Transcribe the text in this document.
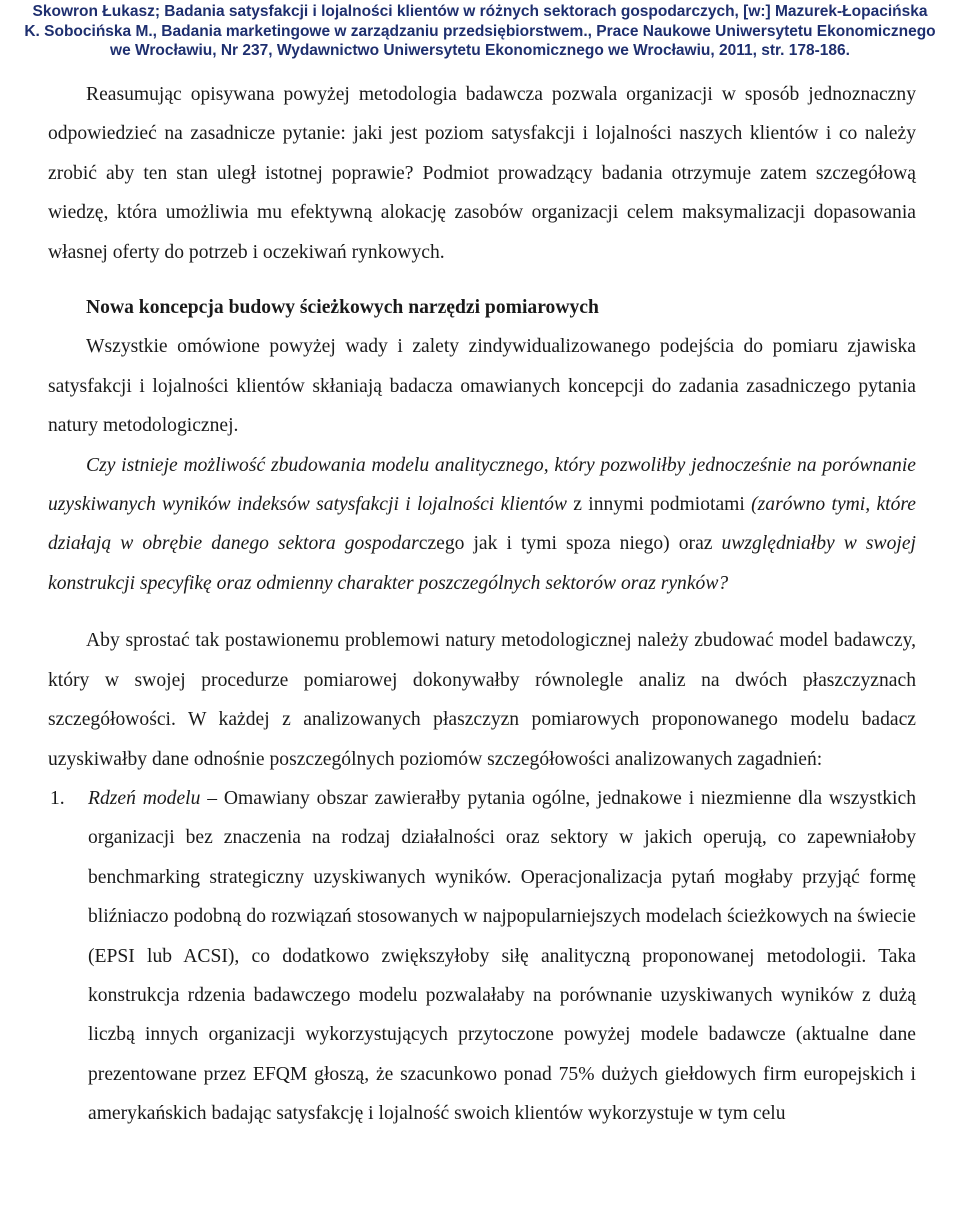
Skowron Łukasz; Badania satysfakcji i lojalności klientów w różnych sektorach gospodarczych, [w:] Mazurek-Łopacińska
K. Sobocińska M., Badania marketingowe w zarządzaniu przedsiębiorstwem., Prace Naukowe Uniwersytetu Ekonomicznego
we Wrocławiu, Nr 237, Wydawnictwo Uniwersytetu Ekonomicznego we Wrocławiu, 2011, str. 178-186.

Reasumując opisywana powyżej metodologia badawcza pozwala organizacji w sposób jednoznaczny odpowiedzieć na zasadnicze pytanie: jaki jest poziom satysfakcji i lojalności naszych klientów i co należy zrobić aby ten stan uległ istotnej poprawie? Podmiot prowadzący badania otrzymuje zatem szczegółową wiedzę, która umożliwia mu efektywną alokację zasobów organizacji celem maksymalizacji dopasowania własnej oferty do potrzeb i oczekiwań rynkowych.

Nowa koncepcja budowy ścieżkowych narzędzi pomiarowych

Wszystkie omówione powyżej wady i zalety zindywidualizowanego podejścia do pomiaru zjawiska satysfakcji i lojalności klientów skłaniają badacza omawianych koncepcji do zadania zasadniczego pytania natury metodologicznej.

Czy istnieje możliwość zbudowania modelu analitycznego, który pozwoliłby jednocześnie na porównanie uzyskiwanych wyników indeksów satysfakcji i lojalności klientów z innymi podmiotami (zarówno tymi, które działają w obrębie danego sektora gospodarczego jak i tymi spoza niego) oraz uwzględniałby w swojej konstrukcji specyfikę oraz odmienny charakter poszczególnych sektorów oraz rynków?

Aby sprostać tak postawionemu problemowi natury metodologicznej należy zbudować model badawczy, który w swojej procedurze pomiarowej dokonywałby równolegle analiz na dwóch płaszczyznach szczegółowości. W każdej z analizowanych płaszczyzn pomiarowych proponowanego modelu badacz uzyskiwałby dane odnośnie poszczególnych poziomów szczegółowości analizowanych zagadnień:

1. Rdzeń modelu – Omawiany obszar zawierałby pytania ogólne, jednakowe i niezmienne dla wszystkich organizacji bez znaczenia na rodzaj działalności oraz sektory w jakich operują, co zapewniałoby benchmarking strategiczny uzyskiwanych wyników. Operacjonalizacja pytań mogłaby przyjąć formę bliźniaczo podobną do rozwiązań stosowanych w najpopularniejszych modelach ścieżkowych na świecie (EPSI lub ACSI), co dodatkowo zwiększyłoby siłę analityczną proponowanej metodologii. Taka konstrukcja rdzenia badawczego modelu pozwalałaby na porównanie uzyskiwanych wyników z dużą liczbą innych organizacji wykorzystujących przytoczone powyżej modele badawcze (aktualne dane prezentowane przez EFQM głoszą, że szacunkowo ponad 75% dużych giełdowych firm europejskich i amerykańskich badając satysfakcję i lojalność swoich klientów wykorzystuje w tym celu
